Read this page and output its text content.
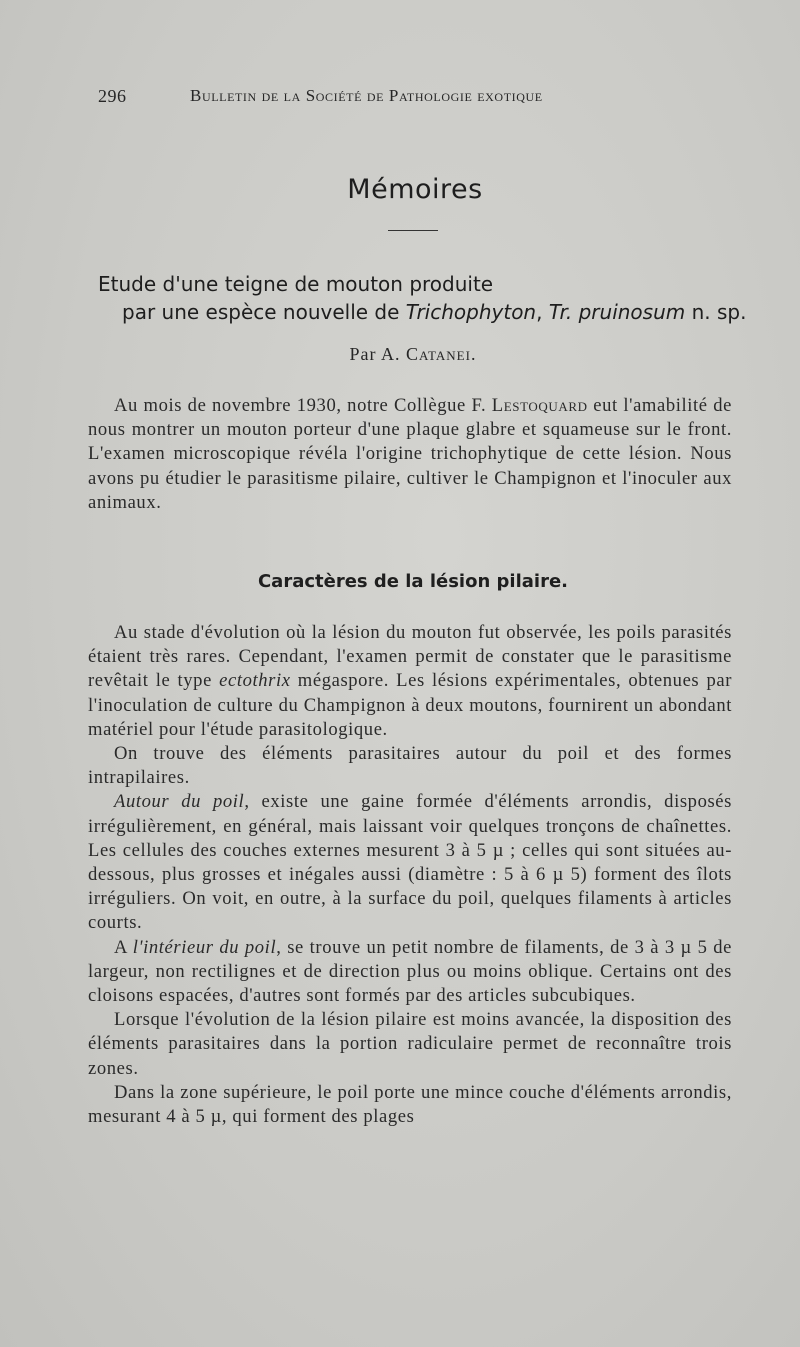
296	Bulletin de la Société de Pathologie exotique
Mémoires
Etude d'une teigne de mouton produite
par une espèce nouvelle de Trichophyton, Tr. pruinosum n. sp.
Par A. Catanei.

Au mois de novembre 1930, notre Collègue F. Lestoquard eut l'amabilité de nous montrer un mouton porteur d'une plaque glabre et squameuse sur le front. L'examen microscopique révéla l'origine trichophytique de cette lésion. Nous avons pu étudier le parasitisme pilaire, cultiver le Champignon et l'inoculer aux animaux.

Caractères de la lésion pilaire.

Au stade d'évolution où la lésion du mouton fut observée, les poils parasités étaient très rares. Cependant, l'examen permit de constater que le parasitisme revêtait le type ectothrix mégaspore. Les lésions expérimentales, obtenues par l'inoculation de culture du Champignon à deux moutons, fournirent un abondant matériel pour l'étude parasitologique.

On trouve des éléments parasitaires autour du poil et des formes intrapilaires.

Autour du poil, existe une gaine formée d'éléments arrondis, disposés irrégulièrement, en général, mais laissant voir quelques tronçons de chaînettes. Les cellules des couches externes mesurent 3 à 5 µ ; celles qui sont situées au-dessous, plus grosses et inégales aussi (diamètre : 5 à 6 µ 5) forment des îlots irréguliers. On voit, en outre, à la surface du poil, quelques filaments à articles courts.

A l'intérieur du poil, se trouve un petit nombre de filaments, de 3 à 3 µ 5 de largeur, non rectilignes et de direction plus ou moins oblique. Certains ont des cloisons espacées, d'autres sont formés par des articles subcubiques.

Lorsque l'évolution de la lésion pilaire est moins avancée, la disposition des éléments parasitaires dans la portion radiculaire permet de reconnaître trois zones.

Dans la zone supérieure, le poil porte une mince couche d'éléments arrondis, mesurant 4 à 5 µ, qui forment des plages
